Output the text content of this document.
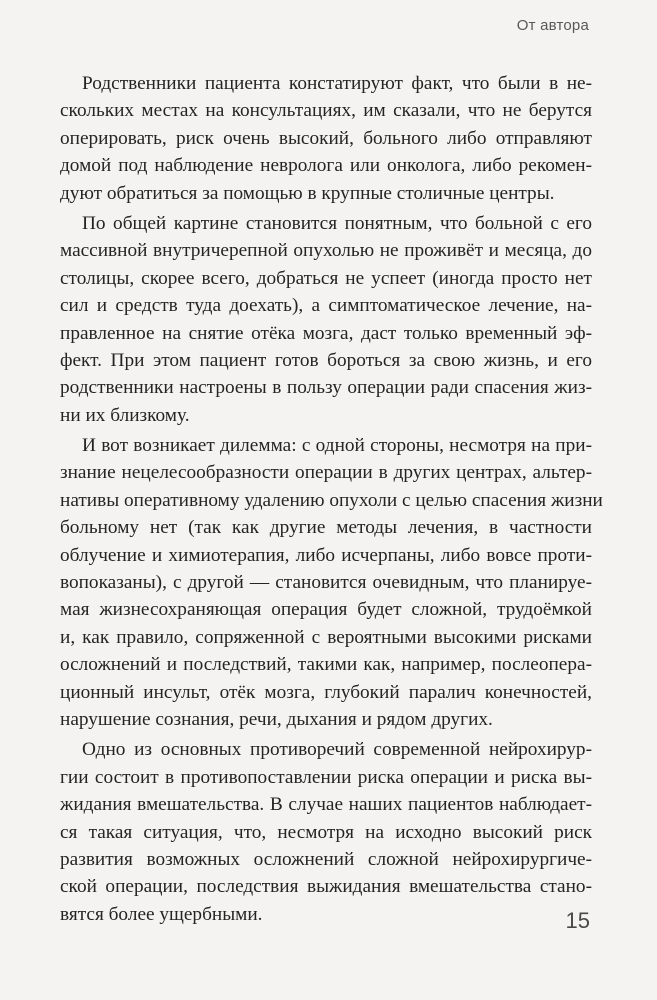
От автора
Родственники пациента констатируют факт, что были в не-
скольких местах на консультациях, им сказали, что не берутся
оперировать, риск очень высокий, больного либо отправляют
домой под наблюдение невролога или онколога, либо рекомен-
дуют обратиться за помощью в крупные столичные центры.
По общей картине становится понятным, что больной с его
массивной внутричерепной опухолью не проживёт и месяца, до
столицы, скорее всего, добраться не успеет (иногда просто нет
сил и средств туда доехать), а симптоматическое лечение, на-
правленное на снятие отёка мозга, даст только временный эф-
фект. При этом пациент готов бороться за свою жизнь, и его
родственники настроены в пользу операции ради спасения жиз-
ни их близкому.
И вот возникает дилемма: с одной стороны, несмотря на при-
знание нецелесообразности операции в других центрах, альтер-
нативы оперативному удалению опухоли с целью спасения жизни
больному нет (так как другие методы лечения, в частности
облучение и химиотерапия, либо исчерпаны, либо вовсе проти-
вопоказаны), с другой — становится очевидным, что планируе-
мая жизнесохраняющая операция будет сложной, трудоёмкой
и, как правило, сопряженной с вероятными высокими рисками
осложнений и последствий, такими как, например, послеопера-
ционный инсульт, отёк мозга, глубокий паралич конечностей,
нарушение сознания, речи, дыхания и рядом других.
Одно из основных противоречий современной нейрохирур-
гии состоит в противопоставлении риска операции и риска вы-
жидания вмешательства. В случае наших пациентов наблюдает-
ся такая ситуация, что, несмотря на исходно высокий риск
развития возможных осложнений сложной нейрохирургиче-
ской операции, последствия выжидания вмешательства стано-
вятся более ущербными.	15
